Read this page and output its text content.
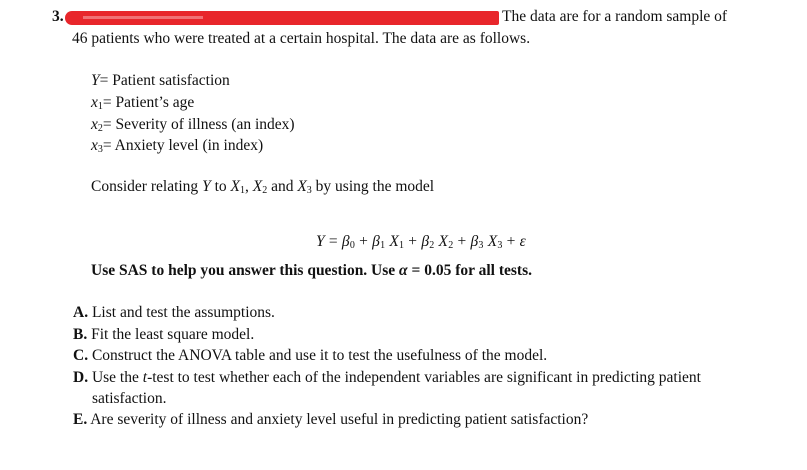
3.	The data are for a random sample of
46 patients who were treated at a certain hospital. The data are as follows.
Y= Patient satisfaction
$x_1=$ Patient’s age
$x_2=$ Severity of illness (an index)
$x_3=$ Anxiety level (in index)
Consider relating Y to $X_1$, $X_2$ and $X_3$ by using the model
$Y = \beta_0 + \beta_1$ $X_1 + \beta_2$ $X_2 + \beta_3$ $X_3 + \varepsilon$
Use SAS to help you answer this question. Use α = 0.05 for all tests.
A. List and test the assumptions.
B. Fit the least square model.
C. Construct the ANOVA table and use it to test the usefulness of the model.
D. Use the t-test to test whether each of the independent variables are significant in predicting patient
satisfaction.
E. Are severity of illness and anxiety level useful in predicting patient satisfaction?
